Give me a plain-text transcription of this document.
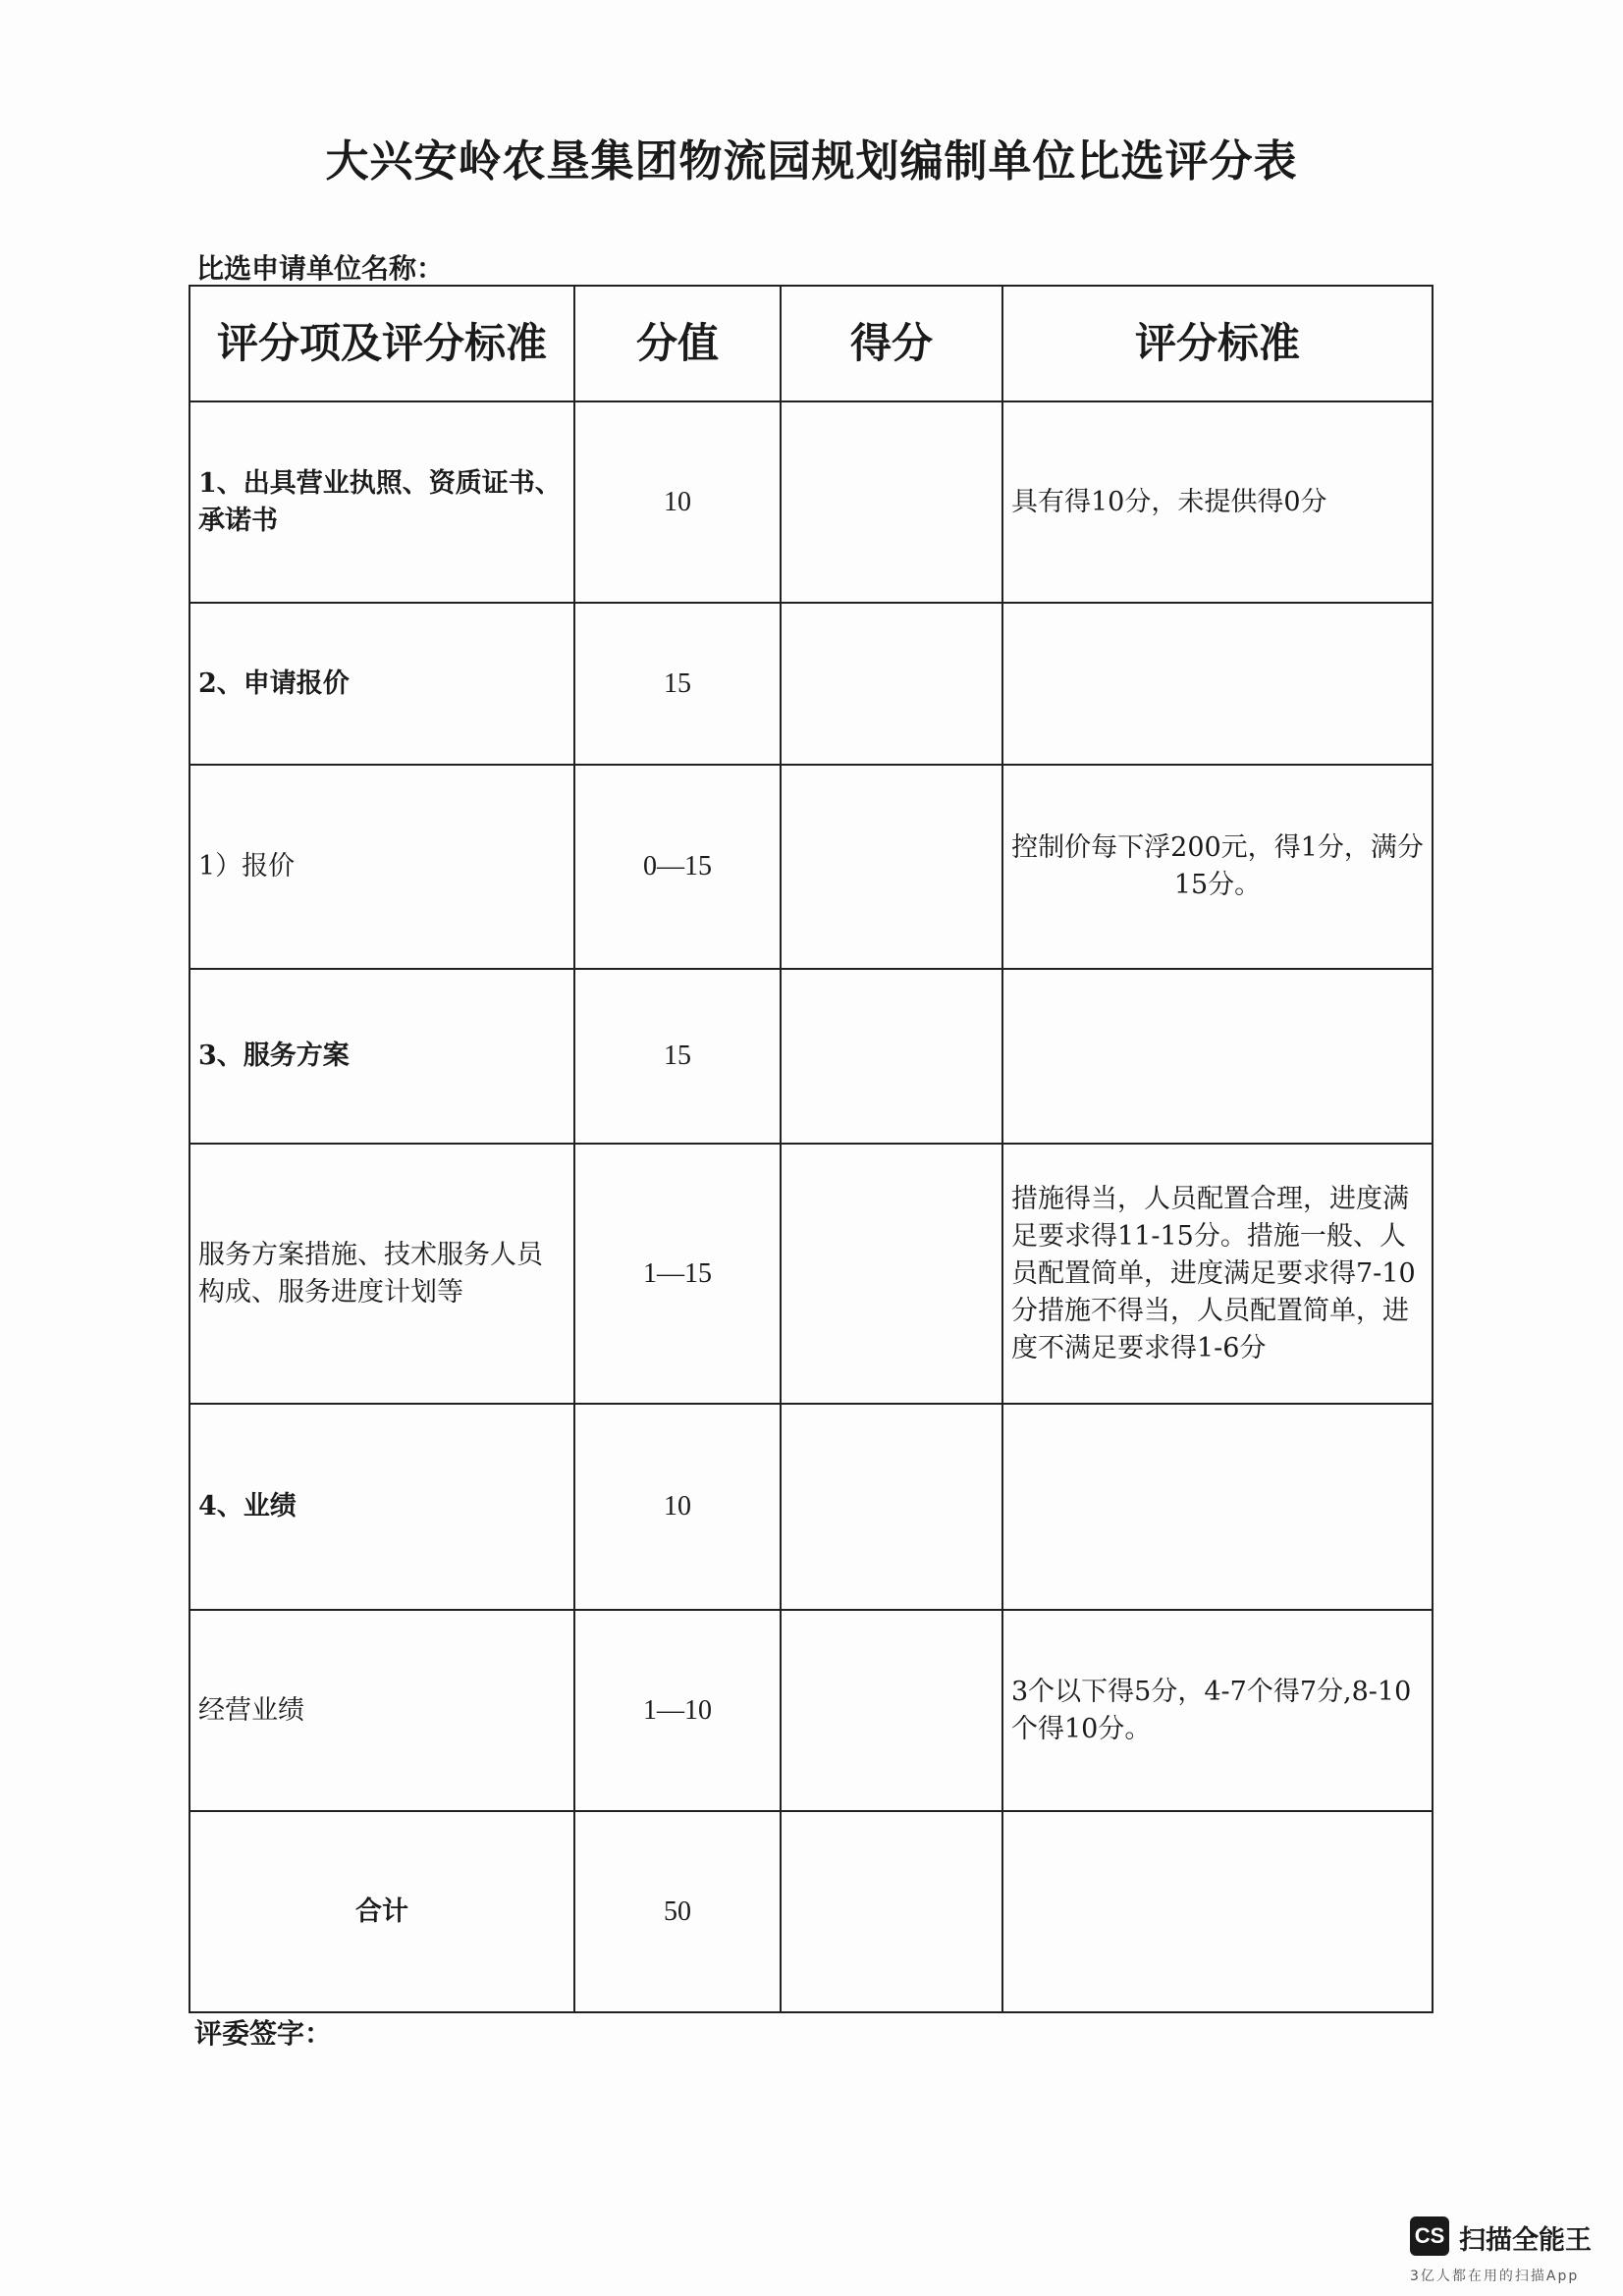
大兴安岭农垦集团物流园规划编制单位比选评分表
比选申请单位名称：
评分项及评分标准	分值	得分	评分标准
1、出具营业执照、资质证书、承诺书	10		具有得10分，未提供得0分
2、申请报价	15		
1）报价	0—15		控制价每下浮200元，得1分，满分15分。
3、服务方案	15		
服务方案措施、技术服务人员构成、服务进度计划等	1—15		措施得当，人员配置合理，进度满足要求得11-15分。措施一般、人员配置简单，进度满足要求得7-10分措施不得当，人员配置简单，进度不满足要求得1-6分
4、业绩	10		
经营业绩	1—10		3个以下得5分，4-7个得7分,8-10个得10分。
合计	50		
评委签字：
CS 扫描全能王
3亿人都在用的扫描App
